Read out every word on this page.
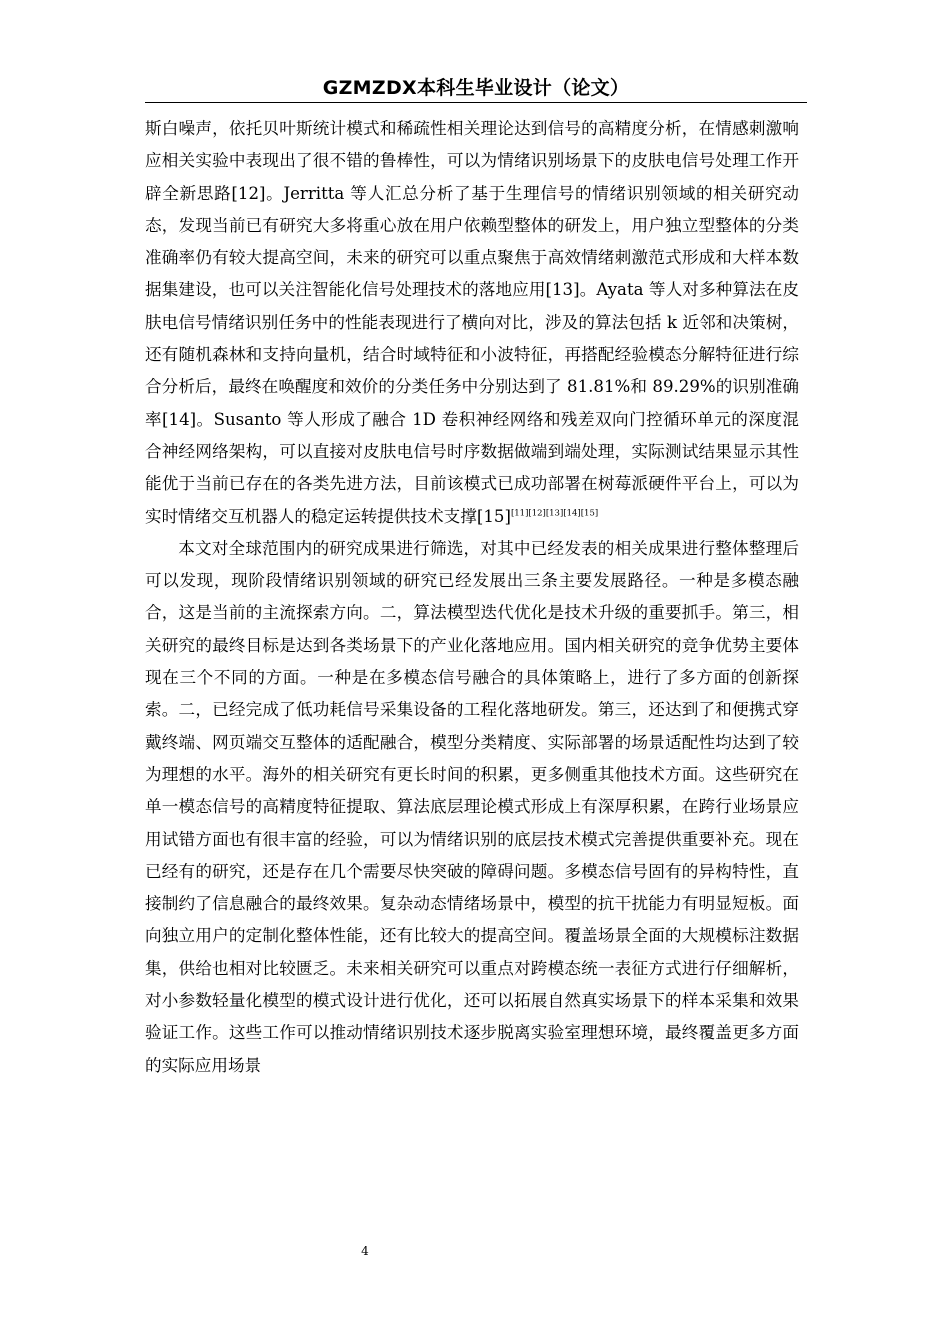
GZMZDX本科生毕业设计（论文）

斯白噪声，依托贝叶斯统计模式和稀疏性相关理论达到信号的高精度分析，在情感刺激响应相关实验中表现出了很不错的鲁棒性，可以为情绪识别场景下的皮肤电信号处理工作开辟全新思路[12]。Jerritta 等人汇总分析了基于生理信号的情绪识别领域的相关研究动态，发现当前已有研究大多将重心放在用户依赖型整体的研发上，用户独立型整体的分类准确率仍有较大提高空间，未来的研究可以重点聚焦于高效情绪刺激范式形成和大样本数据集建设，也可以关注智能化信号处理技术的落地应用[13]。Ayata 等人对多种算法在皮肤电信号情绪识别任务中的性能表现进行了横向对比，涉及的算法包括 k 近邻和决策树，还有随机森林和支持向量机，结合时域特征和小波特征，再搭配经验模态分解特征进行综合分析后，最终在唤醒度和效价的分类任务中分别达到了 81.81%和 89.29%的识别准确率[14]。Susanto 等人形成了融合 1D 卷积神经网络和残差双向门控循环单元的深度混合神经网络架构，可以直接对皮肤电信号时序数据做端到端处理，实际测试结果显示其性能优于当前已存在的各类先进方法，目前该模式已成功部署在树莓派硬件平台上，可以为实时情绪交互机器人的稳定运转提供技术支撑[15][11][12][13][14][15]

本文对全球范围内的研究成果进行筛选，对其中已经发表的相关成果进行整体整理后可以发现，现阶段情绪识别领域的研究已经发展出三条主要发展路径。一种是多模态融合，这是当前的主流探索方向。二，算法模型迭代优化是技术升级的重要抓手。第三，相关研究的最终目标是达到各类场景下的产业化落地应用。国内相关研究的竞争优势主要体现在三个不同的方面。一种是在多模态信号融合的具体策略上，进行了多方面的创新探索。二，已经完成了低功耗信号采集设备的工程化落地研发。第三，还达到了和便携式穿戴终端、网页端交互整体的适配融合，模型分类精度、实际部署的场景适配性均达到了较为理想的水平。海外的相关研究有更长时间的积累，更多侧重其他技术方面。这些研究在单一模态信号的高精度特征提取、算法底层理论模式形成上有深厚积累，在跨行业场景应用试错方面也有很丰富的经验，可以为情绪识别的底层技术模式完善提供重要补充。现在已经有的研究，还是存在几个需要尽快突破的障碍问题。多模态信号固有的异构特性，直接制约了信息融合的最终效果。复杂动态情绪场景中，模型的抗干扰能力有明显短板。面向独立用户的定制化整体性能，还有比较大的提高空间。覆盖场景全面的大规模标注数据集，供给也相对比较匮乏。未来相关研究可以重点对跨模态统一表征方式进行仔细解析，对小参数轻量化模型的模式设计进行优化，还可以拓展自然真实场景下的样本采集和效果验证工作。这些工作可以推动情绪识别技术逐步脱离实验室理想环境，最终覆盖更多方面的实际应用场景

4
